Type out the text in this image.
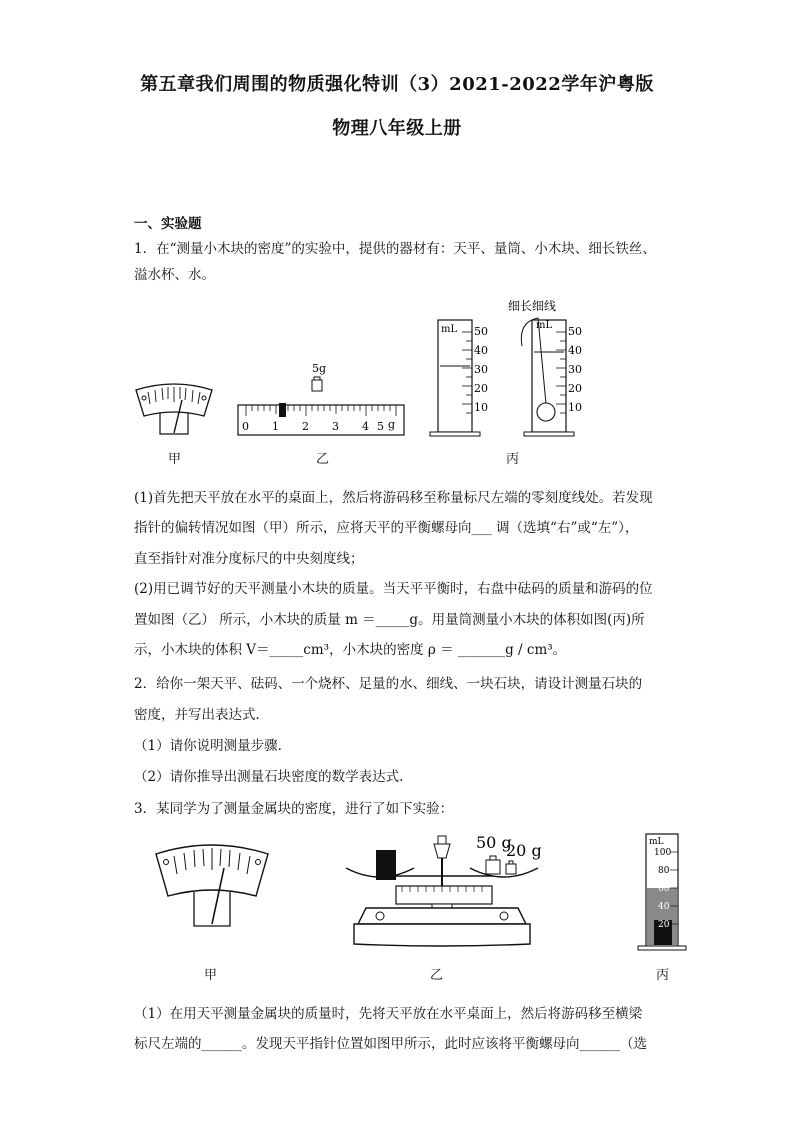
第五章我们周围的物质强化特训（3）2021-2022学年沪粤版
物理八年级上册
一、实验题
1．在“测量小木块的密度”的实验中，提供的器材有：天平、量筒、小木块、细长铁丝、
溢水杯、水。
甲
5g
0 1 2 3 4 5 g
乙
mL 50
40
30
20
10
细长细线
mL 50
40
30
20
10
丙
(1)首先把天平放在水平的桌面上，然后将游码移至称量标尺左端的零刻度线处。若发现
指针的偏转情况如图（甲）所示，应将天平的平衡螺母向___ 调（选填“右”或“左”），
直至指针对准分度标尺的中央刻度线；
(2)用已调节好的天平测量小木块的质量。当天平平衡时，右盘中砝码的质量和游码的位
置如图（乙） 所示，小木块的质量 m ＝_____g。用量筒测量小木块的体积如图(丙)所
示，小木块的体积 V＝_____cm³，小木块的密度 ρ ＝ _______g / cm³。
2．给你一架天平、砝码、一个烧杯、足量的水、细线、一块石块，请设计测量石块的
密度，并写出表达式.
（1）请你说明测量步骤.
（2）请你推导出测量石块密度的数学表达式.
3．某同学为了测量金属块的密度，进行了如下实验：
甲
50 g
20 g
乙
mL
100
80
60
40
20
丙
（1）在用天平测量金属块的质量时，先将天平放在水平桌面上，然后将游码移至横梁
标尺左端的______。发现天平指针位置如图甲所示，此时应该将平衡螺母向______（选
